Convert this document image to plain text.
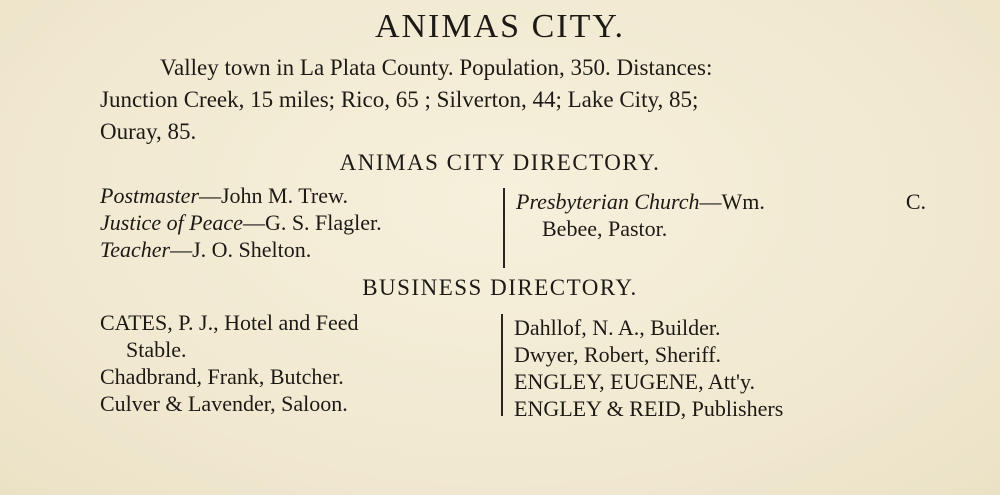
ANIMAS CITY.
Valley town in La Plata County. Population, 350. Distances:
Junction Creek, 15 miles; Rico, 65 ; Silverton, 44; Lake City, 85;
Ouray, 85.
ANIMAS CITY DIRECTORY.
Postmaster—John M. Trew.
Justice of Peace—G. S. Flagler.
Teacher—J. O. Shelton.
Presbyterian Church—Wm.	C.
Bebee, Pastor.
BUSINESS DIRECTORY.
CATES, P. J., Hotel and Feed
Stable.
Chadbrand, Frank, Butcher.
Culver & Lavender, Saloon.
Dahllof, N. A., Builder.
Dwyer, Robert, Sheriff.
ENGLEY, EUGENE, Att'y.
ENGLEY & REID, Publishers
